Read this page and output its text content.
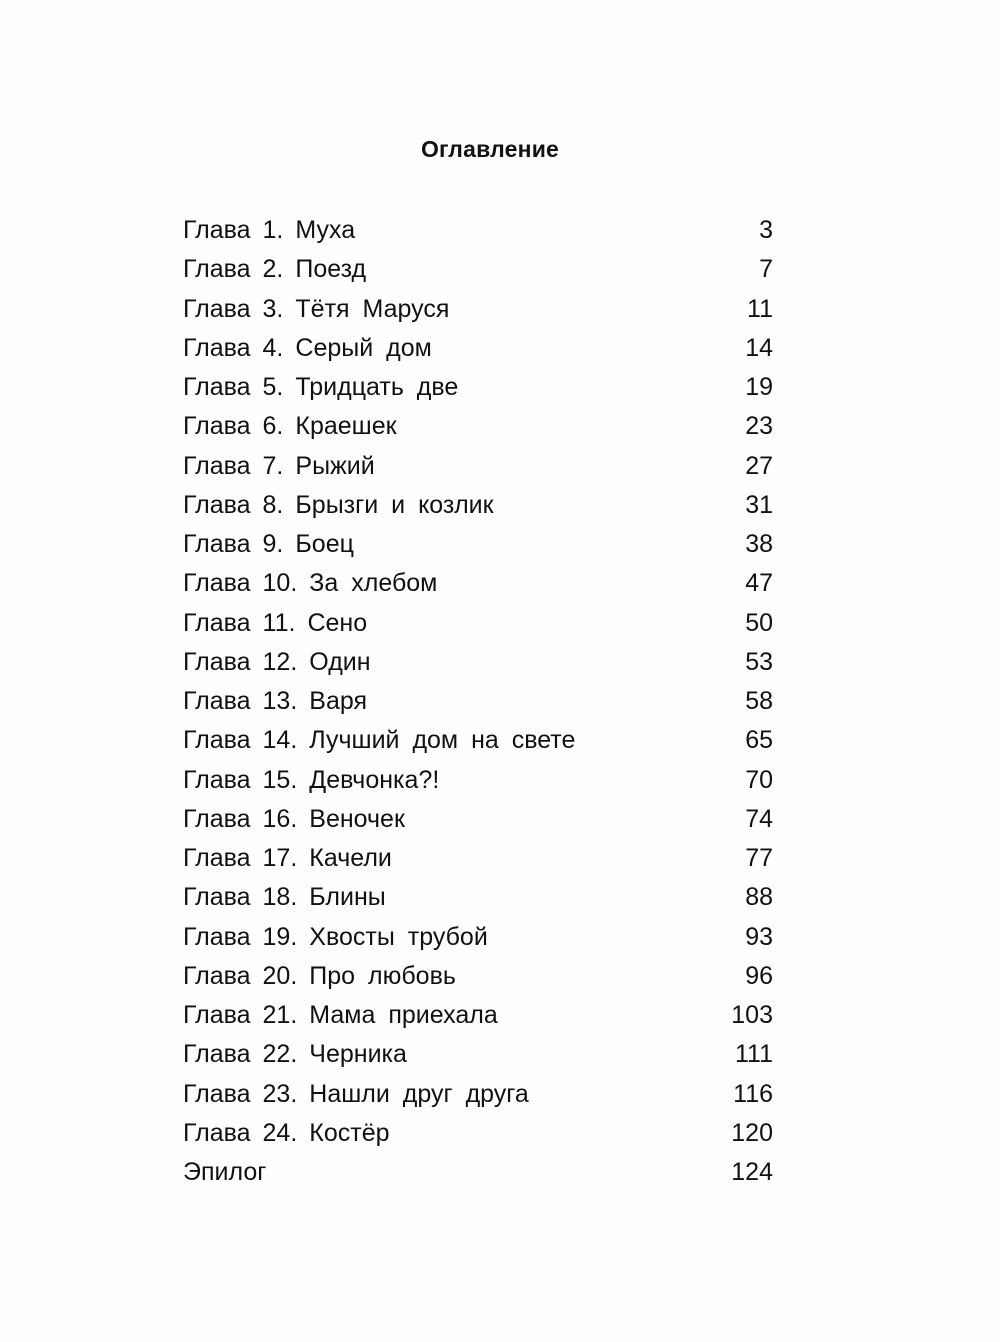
Оглавление
Глава 1. Муха	3
Глава 2. Поезд	7
Глава 3. Тётя Маруся	11
Глава 4. Серый дом	14
Глава 5. Тридцать две	19
Глава 6. Краешек	23
Глава 7. Рыжий	27
Глава 8. Брызги и козлик	31
Глава 9. Боец	38
Глава 10. За хлебом	47
Глава 11. Сено	50
Глава 12. Один	53
Глава 13. Варя	58
Глава 14. Лучший дом на свете	65
Глава 15. Девчонка?!	70
Глава 16. Веночек	74
Глава 17. Качели	77
Глава 18. Блины	88
Глава 19. Хвосты трубой	93
Глава 20. Про любовь	96
Глава 21. Мама приехала	103
Глава 22. Черника	111
Глава 23. Нашли друг друга	116
Глава 24. Костёр	120
Эпилог	124
